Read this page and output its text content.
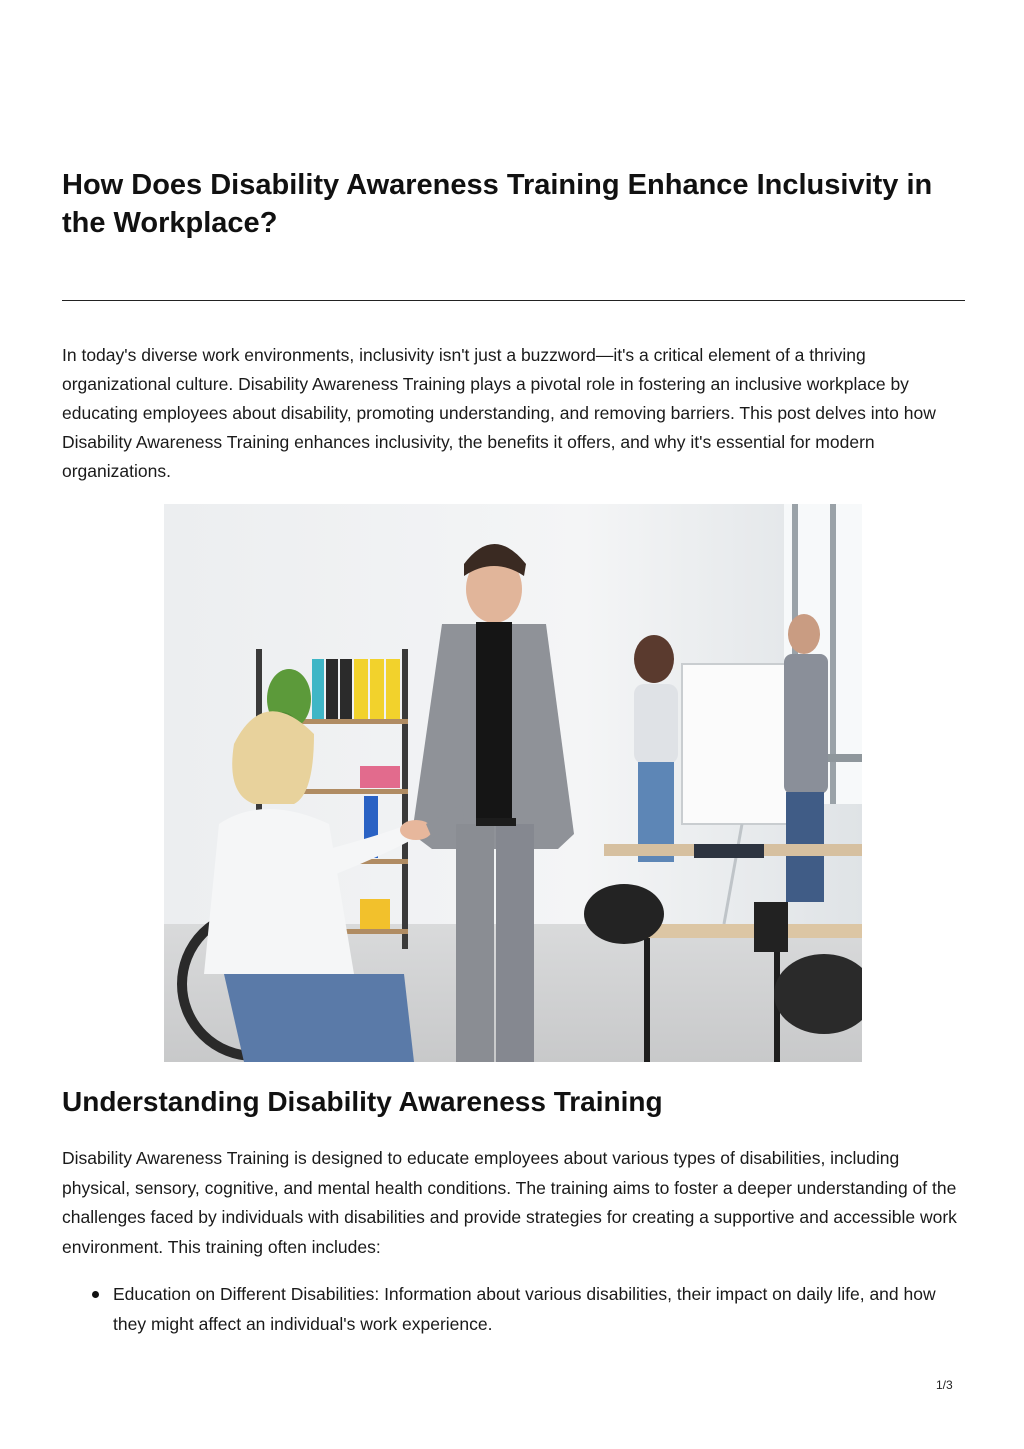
How Does Disability Awareness Training Enhance Inclusivity in the Workplace?

In today's diverse work environments, inclusivity isn't just a buzzword—it's a critical element of a thriving organizational culture. Disability Awareness Training plays a pivotal role in fostering an inclusive workplace by educating employees about disability, promoting understanding, and removing barriers. This post delves into how Disability Awareness Training enhances inclusivity, the benefits it offers, and why it's essential for modern organizations.

Understanding Disability Awareness Training

Disability Awareness Training is designed to educate employees about various types of disabilities, including physical, sensory, cognitive, and mental health conditions. The training aims to foster a deeper understanding of the challenges faced by individuals with disabilities and provide strategies for creating a supportive and accessible work environment. This training often includes:

Education on Different Disabilities: Information about various disabilities, their impact on daily life, and how they might affect an individual's work experience.
1/3
